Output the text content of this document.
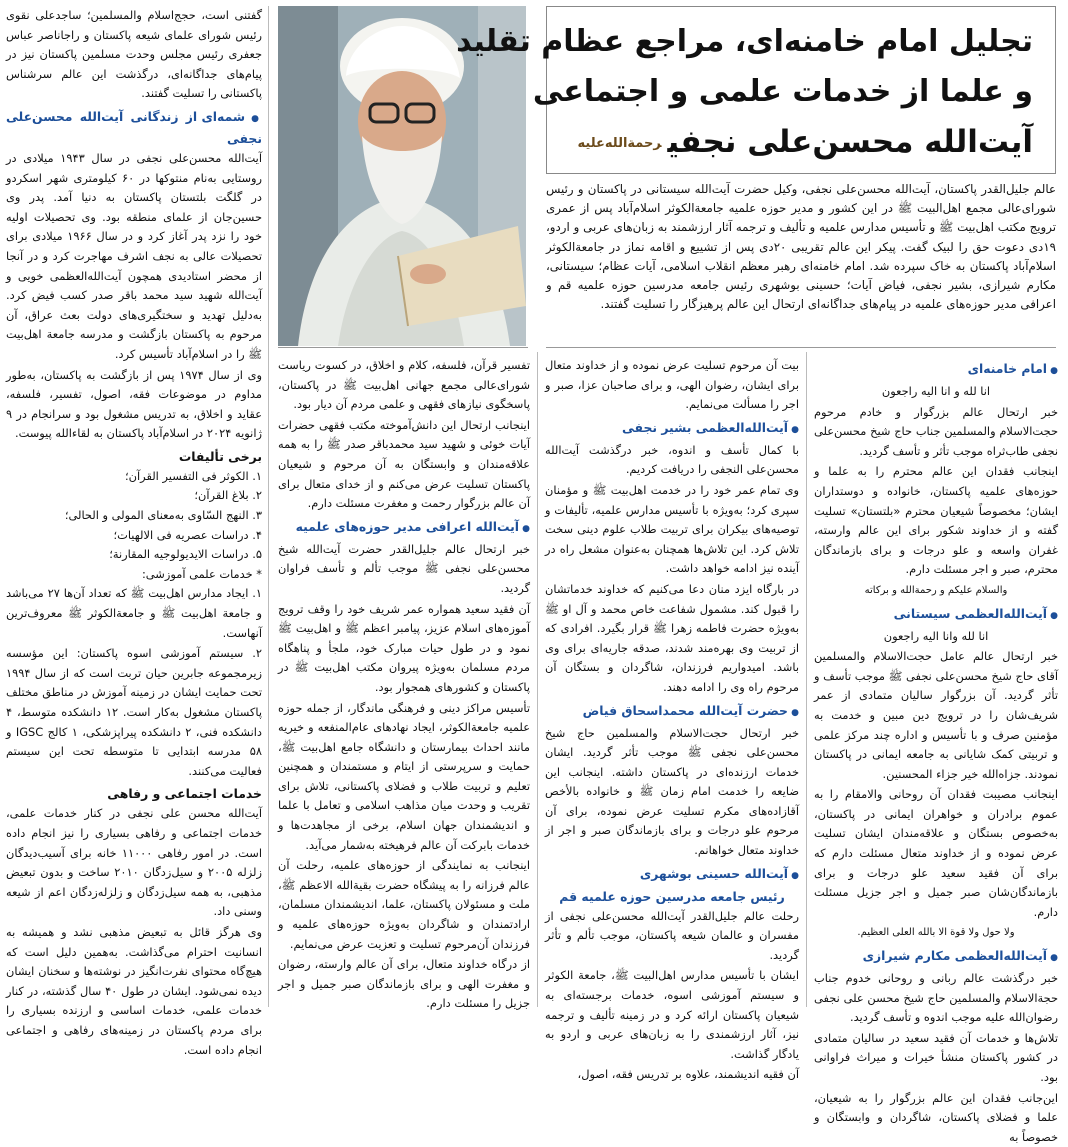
تجلیل امام خامنه‌ای، مراجع عظام تقلید
و علما از خدمات علمی و اجتماعی
آیت‌الله محسن‌علی نجفیرحمة‌الله‌علیه
عالم جلیل‌القدر پاکستان، آیت‌الله محسن‌علی نجفی، وکیل حضرت آیت‌الله سیستانی در پاکستان و رئیس شورای‌عالی مجمع اهل‌البیت ﷺ در این کشور و مدیر حوزه علمیه جامعة‌الکوثر اسلام‌آباد پس از عمری ترویج مکتب اهل‌بیت ﷺ و تأسیس مدارس علمیه و تألیف و ترجمه آثار ارزشمند به زبان‌های عربی و اردو، ۱۹دی دعوت حق را لبیک گفت. پیکر این عالم تقریبی ۲۰دی پس از تشییع و اقامه نماز در جامعة‌الکوثر اسلام‌آباد پاکستان به خاک سپرده شد. امام خامنه‌ای رهبر معظم انقلاب اسلامی، آیات عظام؛ سیستانی، مکارم شیرازی، بشیر نجفی، فیاض آیات؛ حسینی بوشهری رئیس جامعه مدرسین حوزه علمیه قم و اعرافی مدیر حوزه‌های علمیه در پیام‌های جداگانه‌ای ارتحال این عالم پرهیزگار را تسلیت گفتند.
● امام خامنه‌ای

انا لله و انا الیه راجعون

خبر ارتحال عالم بزرگوار و خادم مرحوم حجت‌الاسلام والمسلمین جناب حاج شیخ محسن‌علی نجفی طاب‌ثراه موجب تأثر و تأسف گردید.

اینجانب فقدان این عالم محترم را به علما و حوزه‌های علمیه پاکستان، خانواده و دوستداران ایشان؛ مخصوصاً شیعیان محترم «بلتستان» تسلیت گفته و از خداوند شکور برای این عالم وارسته، غفران واسعه و علو درجات و برای بازماندگان محترم، صبر و اجر مسئلت دارم.

والسلام علیکم و رحمة‌الله و برکاته

● آیت‌الله‌العظمی سیستانی

انا لله وانا الیه راجعون

خبر ارتحال عالم عامل حجت‌الاسلام والمسلمین آقای حاج شیخ محسن‌علی نجفی ﷺ موجب تأسف و تأثر گردید. آن بزرگوار سالیان متمادی از عمر شریف‌شان را در ترویج دین مبین و خدمت به مؤمنین صرف و با تأسیس و اداره چند مرکز علمی و تربیتی کمک شایانی به جامعه ایمانی در پاکستان نمودند. جزاه‌الله خیر جزاء المحسنین.

اینجانب مصیبت فقدان آن روحانی والامقام را به عموم برادران و خواهران ایمانی در پاکستان، به‌خصوص بستگان و علاقه‌مندان ایشان تسلیت عرض نموده و از خداوند متعال مسئلت دارم که برای آن فقید سعید علو درجات و برای بازماندگان‌شان صبر جمیل و اجر جزیل مسئلت دارم.

ولا حول ولا قوة الا بالله العلی العظیم.

● آیت‌الله‌العظمی مکارم شیرازی

خبر درگذشت عالم ربانی و روحانی خدوم جناب حجة‌الاسلام والمسلمین حاج شیخ محسن علی نجفی رضوان‌الله علیه موجب اندوه و تأسف گردید.

تلاش‌ها و خدمات آن فقید سعید در سالیان متمادی در کشور پاکستان منشأ خیرات و میراث فراوانی بود.

این‌جانب فقدان این عالم بزرگوار را به شیعیان، علما و فضلای پاکستان، شاگردان و وابستگان و خصوصاً به

بیت آن مرحوم تسلیت عرض نموده و از خداوند متعال برای ایشان، رضوان الهی، و برای صاحبان عزا، صبر و اجر را مسألت می‌نمایم.

● آیت‌الله‌العظمی بشیر نجفی

با کمال تأسف و اندوه، خبر درگذشت آیت‌الله محسن‌علی النجفی را دریافت کردیم.

وی تمام عمر خود را در خدمت اهل‌بیت ﷺ و مؤمنان سپری کرد؛ به‌ویژه با تأسیس مدارس علمیه، تألیفات و توصیه‌های بیکران برای تربیت طلاب علوم دینی سخت تلاش کرد. این تلاش‌ها همچنان به‌عنوان مشعل راه در آینده نیز ادامه خواهد داشت.

در بارگاه ایزد منان دعا می‌کنیم که خداوند خدماتشان را قبول کند. مشمول شفاعت خاص محمد و آل او ﷺ به‌ویژه حضرت فاطمه زهرا ﷺ قرار بگیرد. افرادی که از تربیت وی بهره‌مند شدند، صدقه جاریه‌ای برای وی باشد. امیدواریم فرزندان، شاگردان و بستگان آن مرحوم راه وی را ادامه دهند.

● حضرت آیت‌الله محمداسحاق فیاض

خبر ارتحال حجت‌الاسلام والمسلمین حاج شیخ محسن‌علی نجفی ﷺ موجب تأثر گردید. ایشان خدمات ارزنده‌ای در پاکستان داشته. اینجانب این ضایعه را خدمت امام زمان ﷺ و خانواده بالأخص آقازاده‌های مکرم تسلیت عرض نموده، برای آن مرحوم علو درجات و برای بازماندگان صبر و اجر از خداوند متعال خواهانم.

● آیت‌الله حسینی بوشهری
رئیس جامعه مدرسین حوزه علمیه قم

رحلت عالم جلیل‌القدر آیت‌الله محسن‌علی نجفی از مفسران و عالمان شیعه پاکستان، موجب تألم و تأثر گردید.

ایشان با تأسیس مدارس اهل‌البیت ﷺ، جامعة الکوثر و سیستم آموزشی اسوه، خدمات برجسته‌ای به شیعیان پاکستان ارائه کرد و در زمینه تألیف و ترجمه نیز، آثار ارزشمندی را به زبان‌های عربی و اردو به یادگار گذاشت.

آن فقیه اندیشمند، علاوه بر تدریس فقه، اصول،

تفسیر قرآن، فلسفه، کلام و اخلاق، در کسوت ریاست شورای‌عالی مجمع جهانی اهل‌بیت ﷺ در پاکستان، پاسخگوی نیازهای فقهی و علمی مردم آن دیار بود.

اینجانب ارتحال این دانش‌آموخته مکتب فقهی حضرات آیات خوئی و شهید سید محمدباقر صدر ﷺ را به همه علاقه‌مندان و وابستگان به آن مرحوم و شیعیان پاکستان تسلیت عرض می‌کنم و از خدای متعال برای آن عالم بزرگوار رحمت و مغفرت مسئلت دارم.

● آیت‌الله اعرافی مدیر حوزه‌های علمیه

خبر ارتحال عالم جلیل‌القدر حضرت آیت‌الله شیخ محسن‌علی نجفی ﷺ موجب تألم و تأسف فراوان گردید.

آن فقید سعید همواره عمر شریف خود را وقف ترویج آموزه‌های اسلام عزیز، پیامبر اعظم ﷺ و اهل‌بیت ﷺ نمود و در طول حیات مبارک خود، ملجأ و پناهگاه مردم مسلمان به‌ویژه پیروان مکتب اهل‌بیت ﷺ در پاکستان و کشورهای همجوار بود.

تأسیس مراکز دینی و فرهنگی ماندگار، از جمله حوزه علمیه جامعة‌الکوثر، ایجاد نهادهای عام‌المنفعه و خیریه مانند احداث بیمارستان و دانشگاه جامع اهل‌بیت ﷺ، حمایت و سرپرستی از ایتام و مستمندان و همچنین تعلیم و تربیت طلاب و فضلای پاکستانی، تلاش برای تقریب و وحدت میان مذاهب اسلامی و تعامل با علما و اندیشمندان جهان اسلام، برخی از مجاهدت‌ها و خدمات بابرکت آن عالم فرهیخته به‌شمار می‌آید.

اینجانب به نمایندگی از حوزه‌های علمیه، رحلت آن عالم فرزانه را به پیشگاه حضرت بقیة‌الله الاعظم ﷺ، ملت و مسئولان پاکستان، علما، اندیشمندان مسلمان، ارادتمندان و شاگردان به‌ویژه حوزه‌های علمیه و فرزندان آن‌مرحوم تسلیت و تعزیت عرض می‌نمایم.

از درگاه خداوند متعال، برای آن عالم وارسته، رضوان و مغفرت الهی و برای بازماندگان صبر جمیل و اجر جزیل را مسئلت دارم.

گفتنی است، حجج‌اسلام والمسلمین؛ ساجدعلی نقوی رئیس شورای علمای شیعه پاکستان و راجاناصر عباس جعفری رئیس مجلس وحدت مسلمین پاکستان نیز در پیام‌های جداگانه‌ای، درگذشت این عالم سرشناس پاکستانی را تسلیت گفتند.

● شمه‌ای از زندگانی آیت‌الله محسن‌علی نجفی

آیت‌الله محسن‌علی نجفی در سال ۱۹۴۳ میلادی در روستایی به‌نام منتوکها در ۶۰ کیلومتری شهر اسکردو در گلگت بلتستان پاکستان به دنیا آمد. پدر وی حسین‌جان از علمای منطقه بود. وی تحصیلات اولیه خود را نزد پدر آغاز کرد و در سال ۱۹۶۶ میلادی برای تحصیلات عالی به نجف اشرف مهاجرت کرد و در آنجا از محضر استادیدی همچون آیت‌الله‌العظمی خویی و آیت‌الله شهید سید محمد باقر صدر کسب فیض کرد. به‌دلیل تهدید و سختگیری‌های دولت بعث عراق، آن مرحوم به پاکستان بازگشت و مدرسه جامعة اهل‌بیت ﷺ را در اسلام‌آباد تأسیس کرد.

وی از سال ۱۹۷۴ پس از بازگشت به پاکستان، به‌طور مداوم در موضوعات فقه، اصول، تفسیر، فلسفه، عقاید و اخلاق، به تدریس مشغول بود و سرانجام در ۹ ژانویه ۲۰۲۴ در اسلام‌آباد پاکستان به لقاءالله پیوست.

برخی تألیفات

۱. الکوثر فی التفسیر القرآن؛

۲. بلاغ القرآن؛

۳. النهج السّاوی به‌معنای المولی و الحالی؛

۴. دراسات عصریه فی الالهیات؛

۵. دراسات الایدیولوجیه المقارنة؛

* خدمات علمی آموزشی:

۱. ایجاد مدارس اهل‌بیت ﷺ که تعداد آن‌ها ۲۷ می‌باشد و جامعة اهل‌بیت ﷺ و جامعة‌الکوثر ﷺ معروف‌ترین آنهاست.

۲. سیستم آموزشی اسوه پاکستان: این مؤسسه زیرمجموعه جابرین حیان تربت است که از سال ۱۹۹۴ تحت حمایت ایشان در زمینه آموزش در مناطق مختلف پاکستان مشغول به‌کار است. ۱۲ دانشکده متوسط، ۴ دانشکده فنی، ۲ دانشکده پیراپزشکی، ۱ کالج IGSC و ۵۸ مدرسه ابتدایی تا متوسطه تحت این سیستم فعالیت می‌کنند.

خدمات اجتماعی و رفاهی

آیت‌الله محسن علی نجفی در کنار خدمات علمی، خدمات اجتماعی و رفاهی بسیاری را نیز انجام داده است. در امور رفاهی ۱۱۰۰۰ خانه برای آسیب‌دیدگان زلزله ۲۰۰۵ و سیل‌زدگان ۲۰۱۰ ساخت و بدون تبعیض مذهبی، به همه سیل‌زدگان و زلزله‌زدگان اعم از شیعه وسنی داد.

وی هرگز قائل به تبعیض مذهبی نشد و همیشه به انسانیت احترام می‌گذاشت. به‌همین دلیل است که هیچ‌گاه محتوای نفرت‌انگیز در نوشته‌ها و سخنان ایشان دیده نمی‌شود. ایشان در طول ۴۰ سال گذشته، در کنار خدمات علمی، خدمات اساسی و ارزنده بسیاری را برای مردم پاکستان در زمینه‌های رفاهی و اجتماعی انجام داده است.
